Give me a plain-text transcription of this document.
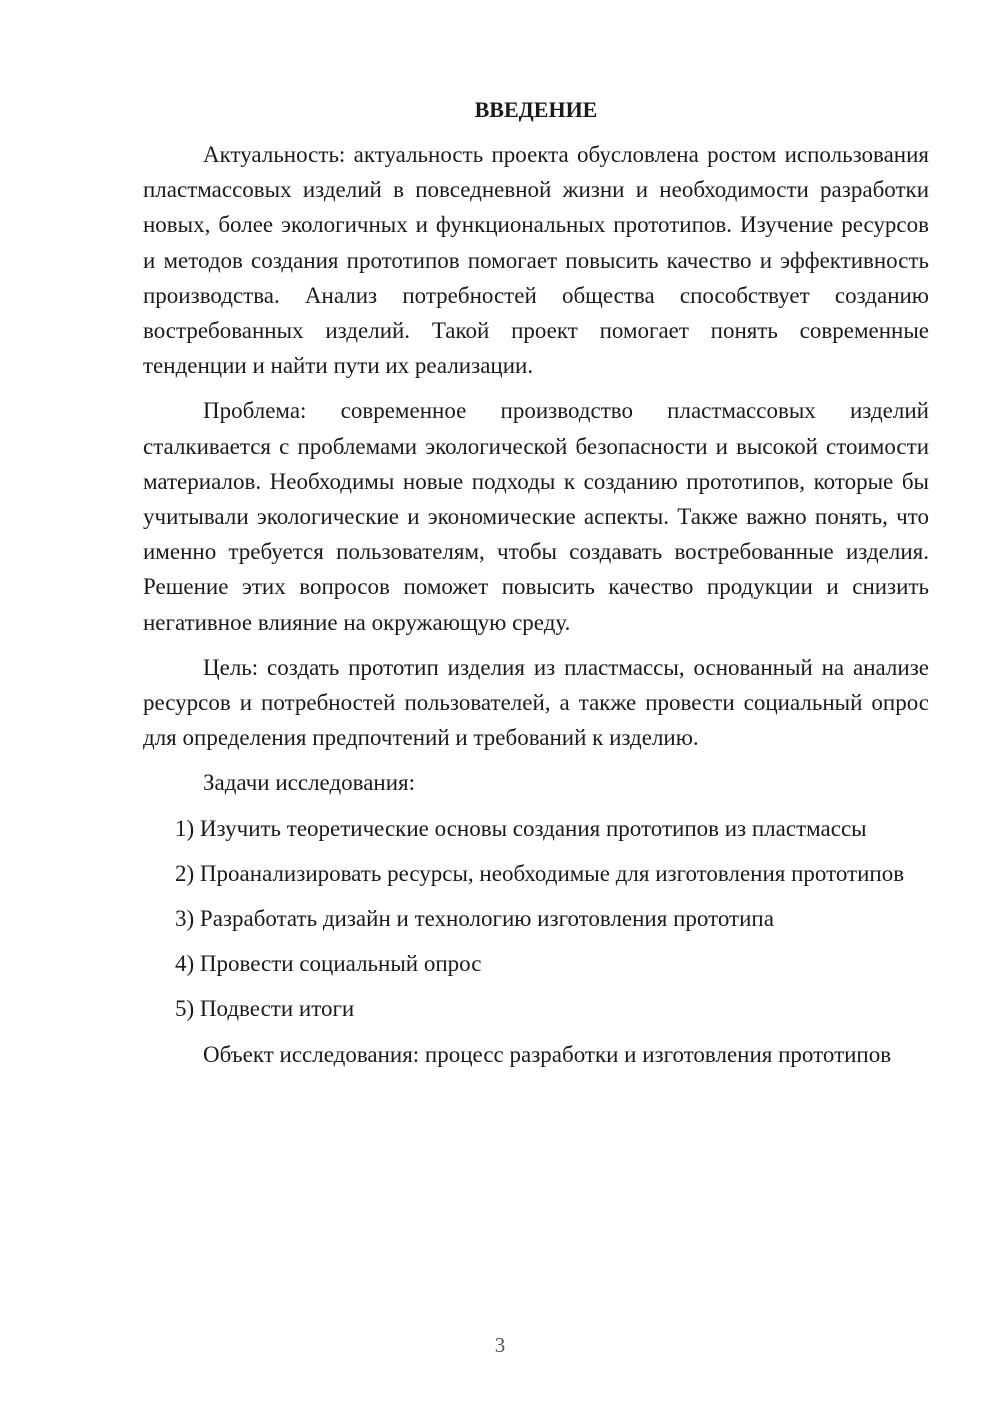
ВВЕДЕНИЕ

Актуальность: актуальность проекта обусловлена ростом использования пластмассовых изделий в повседневной жизни и необходимости разработки новых, более экологичных и функциональных прототипов. Изучение ресурсов и методов создания прототипов помогает повысить качество и эффективность производства. Анализ потребностей общества способствует созданию востребованных изделий. Такой проект помогает понять современные тенденции и найти пути их реализации.

Проблема: современное производство пластмассовых изделий сталкивается с проблемами экологической безопасности и высокой стоимости материалов. Необходимы новые подходы к созданию прототипов, которые бы учитывали экологические и экономические аспекты. Также важно понять, что именно требуется пользователям, чтобы создавать востребованные изделия. Решение этих вопросов поможет повысить качество продукции и снизить негативное влияние на окружающую среду.

Цель: создать прототип изделия из пластмассы, основанный на анализе ресурсов и потребностей пользователей, а также провести социальный опрос для определения предпочтений и требований к изделию.

Задачи исследования:

1) Изучить теоретические основы создания прототипов из пластмассы

2) Проанализировать ресурсы, необходимые для изготовления прототипов

3) Разработать дизайн и технологию изготовления прототипа

4) Провести социальный опрос

5) Подвести итоги

Объект исследования: процесс разработки и изготовления прототипов

3
